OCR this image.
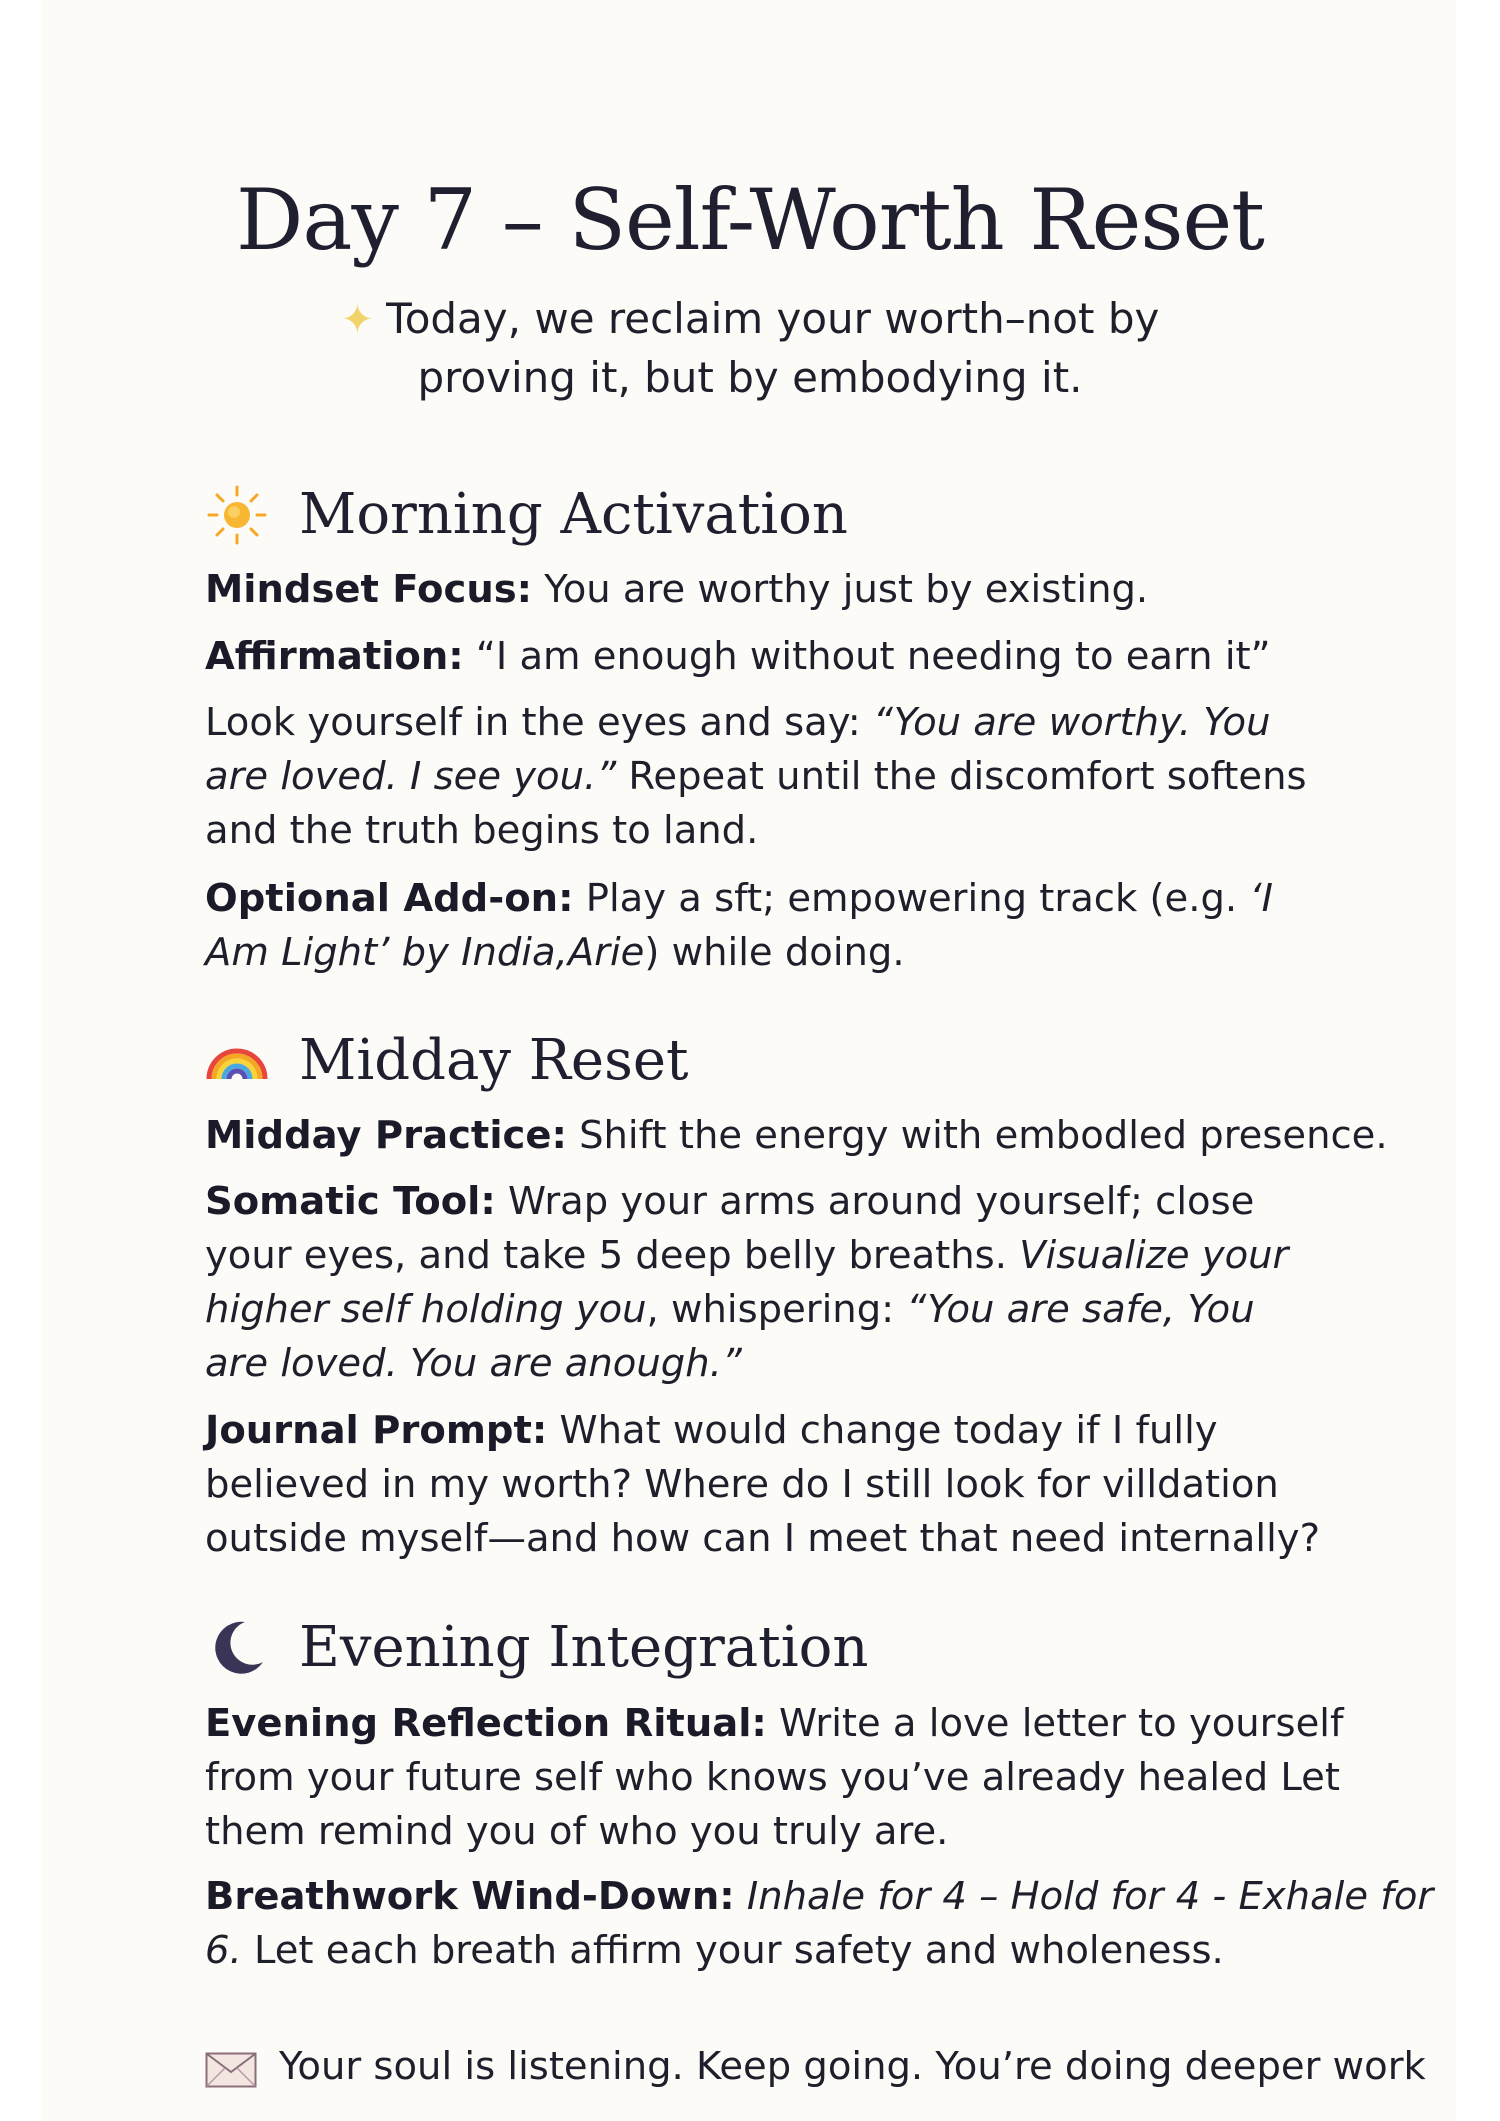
Day 7 – Self-Worth Reset

✦ Today, we reclaim your worth–not by
proving it, but by embodying it.

Morning Activation

Mindset Focus: You are worthy just by existing.

Affirmation: “I am enough without needing to earn it”

Look yourself in the eyes and say: “You are worthy. You are loved. I see you.” Repeat until the discomfort softens and the truth begins to land.

Optional Add-on: Play a sft; empowering track (e.g. ‘I Am Light’ by India,Arie) while doing.

Midday Reset

Midday Practice: Shift the energy with embodled presence.

Somatic Tool: Wrap your arms around yourself; close your eyes, and take 5 deep belly breaths. Visualize your higher self holding you, whispering: “You are safe, You are loved. You are anough.”

Journal Prompt: What would change today if I fully believed in my worth? Where do I still look for villdation outside myself—and how can I meet that need internally?

Evening Integration

Evening Reflection Ritual: Write a love letter to yourself from your future self who knows you’ve already healed Let them remind you of who you truly are.

Breathwork Wind-Down: Inhale for 4 – Hold for 4 - Exhale for 6. Let each breath affirm your safety and wholeness.

Your soul is listening. Keep going. You’re doing deeper work
